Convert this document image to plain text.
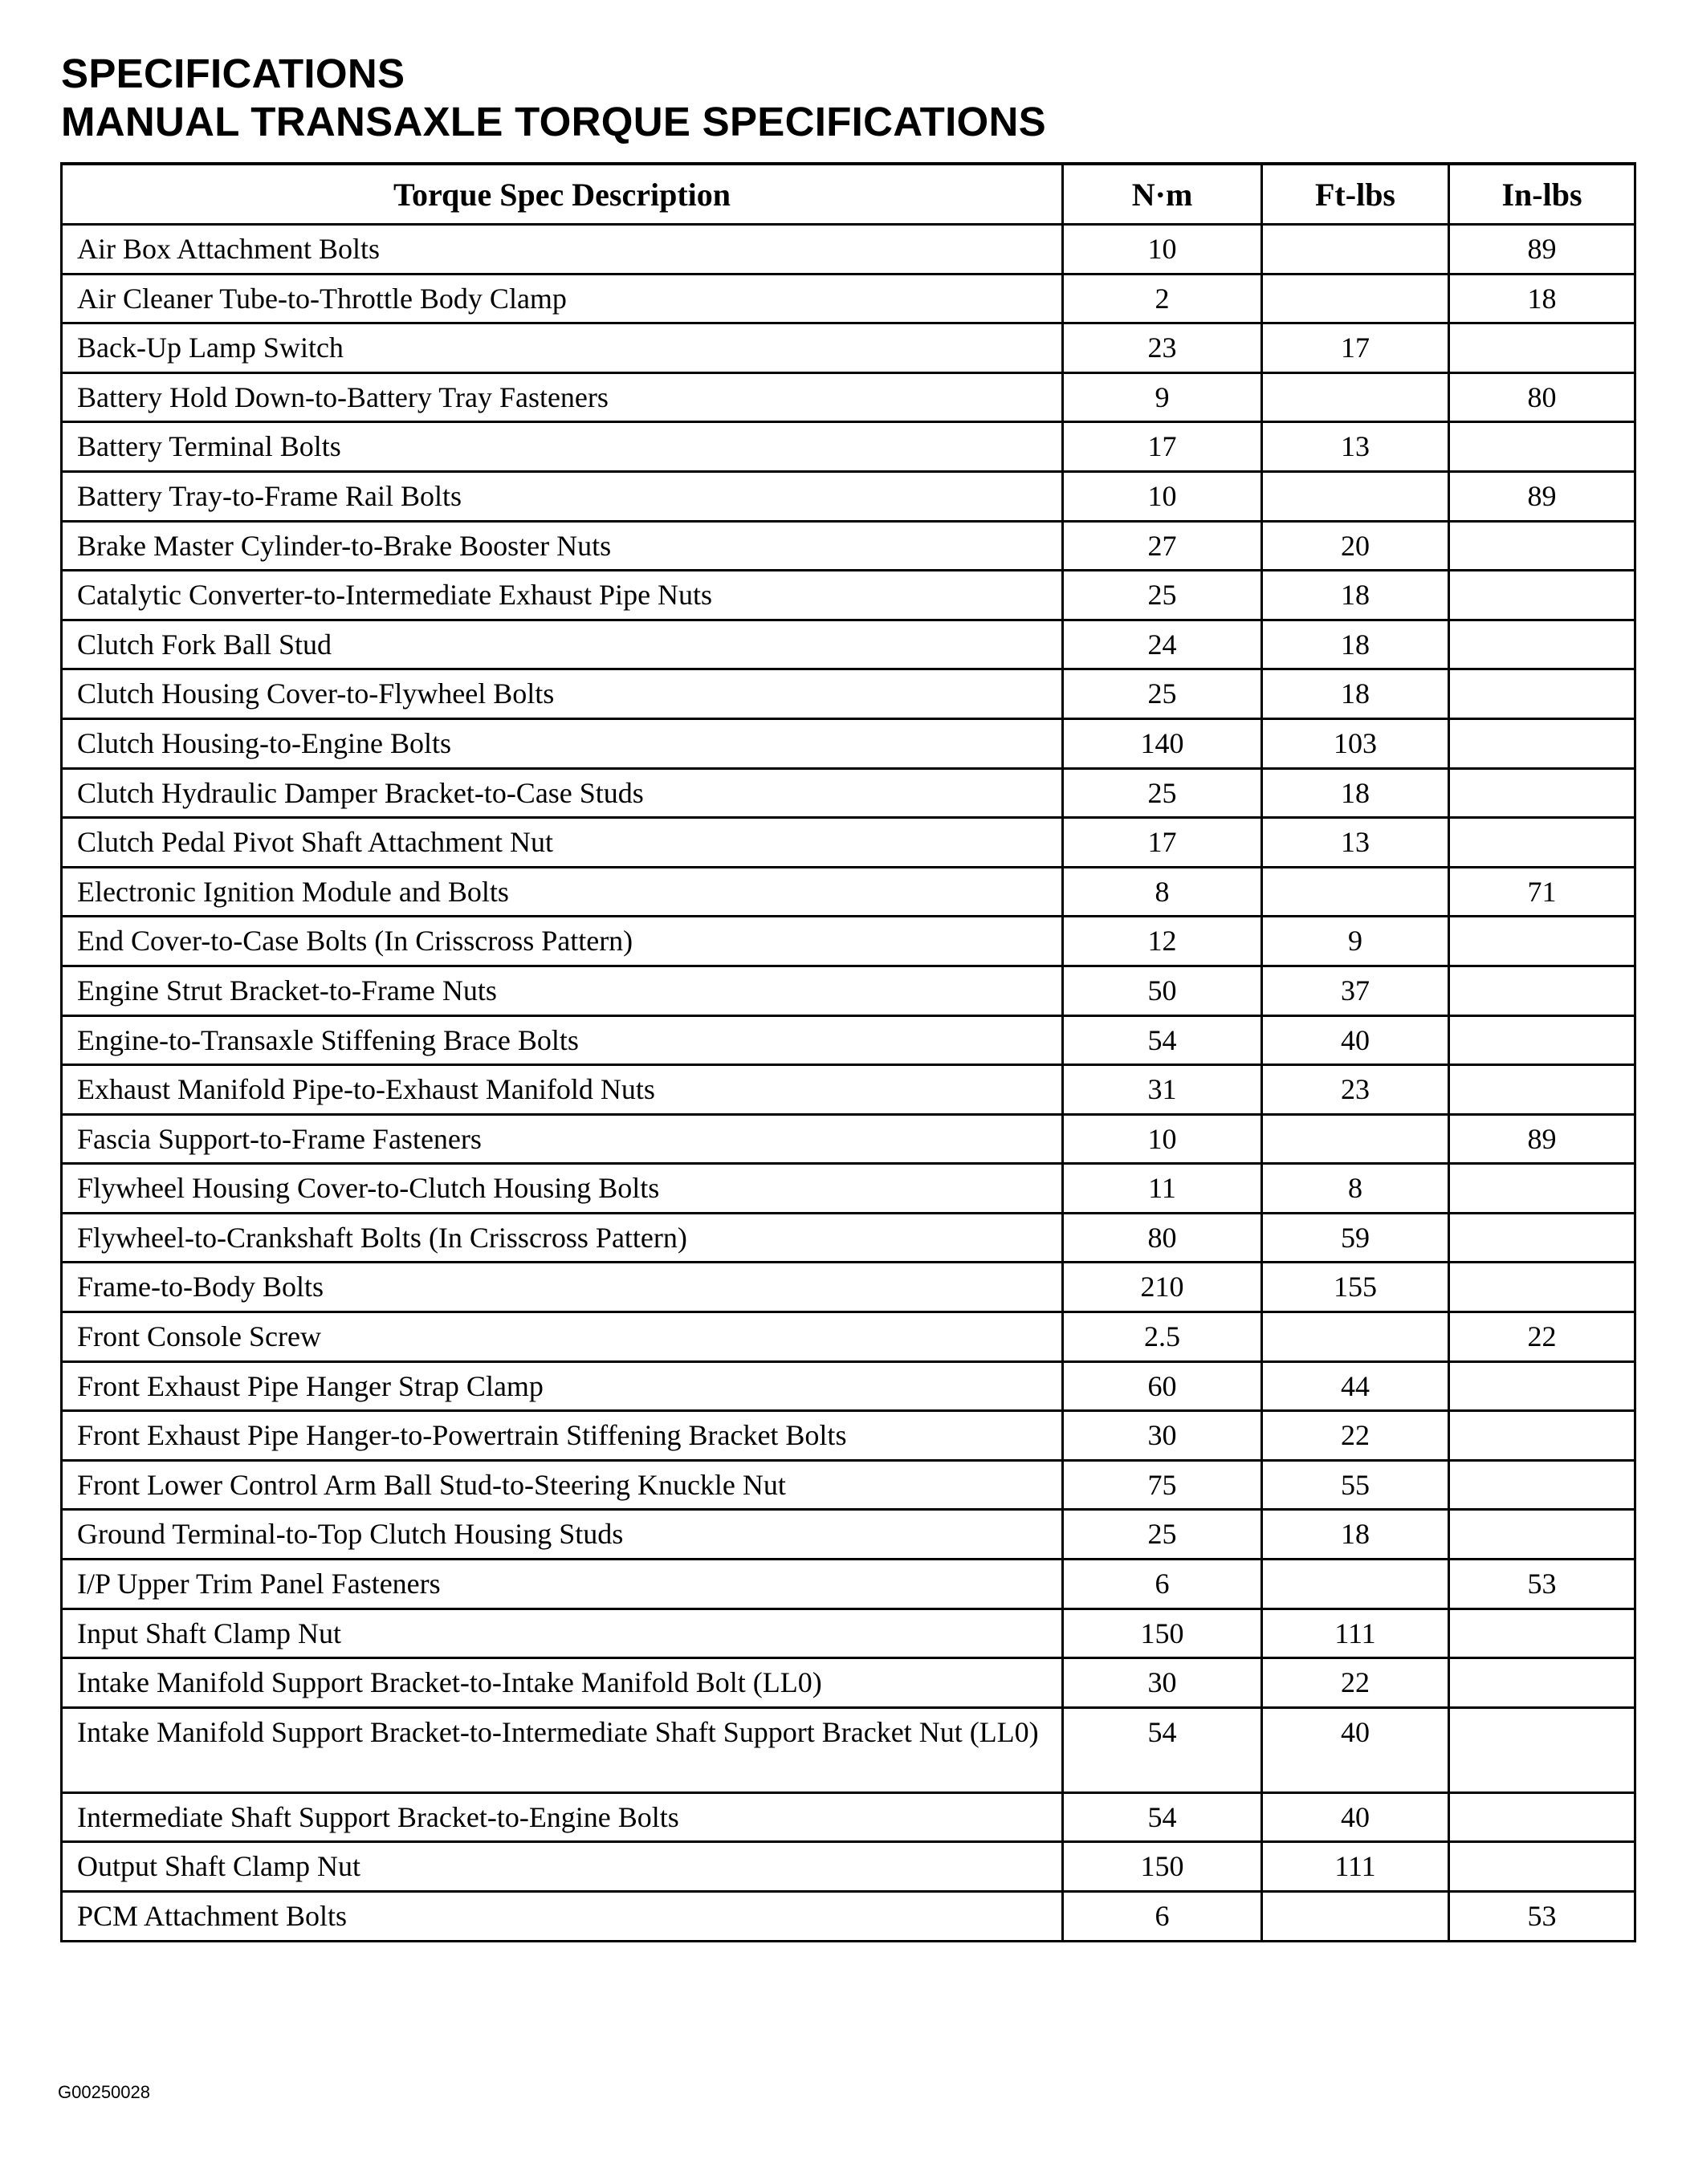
SPECIFICATIONS
MANUAL TRANSAXLE TORQUE SPECIFICATIONS
Torque Spec Description	N·m	Ft-lbs	In-lbs
Air Box Attachment Bolts	10		89
Air Cleaner Tube-to-Throttle Body Clamp	2		18
Back-Up Lamp Switch	23	17	
Battery Hold Down-to-Battery Tray Fasteners	9		80
Battery Terminal Bolts	17	13	
Battery Tray-to-Frame Rail Bolts	10		89
Brake Master Cylinder-to-Brake Booster Nuts	27	20	
Catalytic Converter-to-Intermediate Exhaust Pipe Nuts	25	18	
Clutch Fork Ball Stud	24	18	
Clutch Housing Cover-to-Flywheel Bolts	25	18	
Clutch Housing-to-Engine Bolts	140	103	
Clutch Hydraulic Damper Bracket-to-Case Studs	25	18	
Clutch Pedal Pivot Shaft Attachment Nut	17	13	
Electronic Ignition Module and Bolts	8		71
End Cover-to-Case Bolts (In Crisscross Pattern)	12	9	
Engine Strut Bracket-to-Frame Nuts	50	37	
Engine-to-Transaxle Stiffening Brace Bolts	54	40	
Exhaust Manifold Pipe-to-Exhaust Manifold Nuts	31	23	
Fascia Support-to-Frame Fasteners	10		89
Flywheel Housing Cover-to-Clutch Housing Bolts	11	8	
Flywheel-to-Crankshaft Bolts (In Crisscross Pattern)	80	59	
Frame-to-Body Bolts	210	155	
Front Console Screw	2.5		22
Front Exhaust Pipe Hanger Strap Clamp	60	44	
Front Exhaust Pipe Hanger-to-Powertrain Stiffening Bracket Bolts	30	22	
Front Lower Control Arm Ball Stud-to-Steering Knuckle Nut	75	55	
Ground Terminal-to-Top Clutch Housing Studs	25	18	
I/P Upper Trim Panel Fasteners	6		53
Input Shaft Clamp Nut	150	111	
Intake Manifold Support Bracket-to-Intake Manifold Bolt (LL0)	30	22	
Intake Manifold Support Bracket-to-Intermediate Shaft Support Bracket Nut (LL0)	54	40	
Intermediate Shaft Support Bracket-to-Engine Bolts	54	40	
Output Shaft Clamp Nut	150	111	
PCM Attachment Bolts	6		53
G00250028
